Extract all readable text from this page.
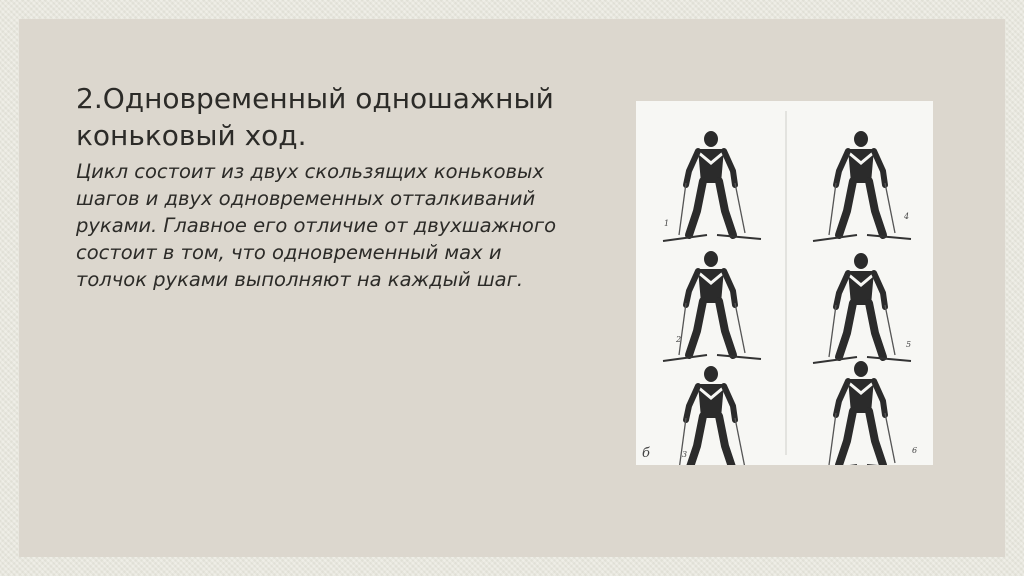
2.Одновременный одношажный
коньковый ход.

Цикл состоит из двух скользящих коньковых
шагов и двух одновременных отталкиваний
руками. Главное его отличие от двухшажного
состоит в том, что одновременный мах и
толчок руками выполняют на каждый шаг.

1
2
3
4
5
6
б
